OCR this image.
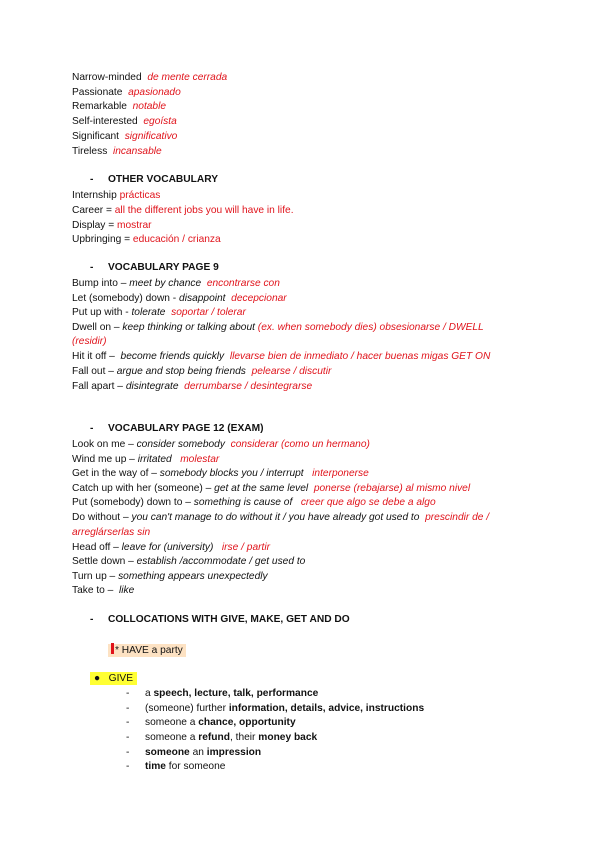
Narrow-minded de mente cerrada
Passionate apasionado
Remarkable notable
Self-interested egoísta
Significant significativo
Tireless incansable
- OTHER VOCABULARY
Internship prácticas
Career = all the different jobs you will have in life.
Display = mostrar
Upbringing = educación / crianza
- VOCABULARY PAGE 9
Bump into – meet by chance encontrarse con
Let (somebody) down - disappoint decepcionar
Put up with - tolerate soportar / tolerar
Dwell on – keep thinking or talking about (ex. when somebody dies) obsesionarse / DWELL
(residir)
Hit it off – become friends quickly llevarse bien de inmediato / hacer buenas migas GET ON
Fall out – argue and stop being friends pelearse / discutir
Fall apart – disintegrate derrumbarse / desintegrarse
- VOCABULARY PAGE 12 (EXAM)
Look on me – consider somebody considerar (como un hermano)
Wind me up – irritated molestar
Get in the way of – somebody blocks you / interrupt interponerse
Catch up with her (someone) – get at the same level ponerse (rebajarse) al mismo nivel
Put (somebody) down to – something is cause of creer que algo se debe a algo
Do without – you can't manage to do without it / you have already got used to prescindir de /
arreglárserlas sin
Head off – leave for (university) irse / partir
Settle down – establish /accommodate / get used to
Turn up – something appears unexpectedly
Take to – like
- COLLOCATIONS WITH GIVE, MAKE, GET AND DO
* HAVE a party
● GIVE
- a speech, lecture, talk, performance
- (someone) further information, details, advice, instructions
- someone a chance, opportunity
- someone a refund, their money back
- someone an impression
- time for someone
